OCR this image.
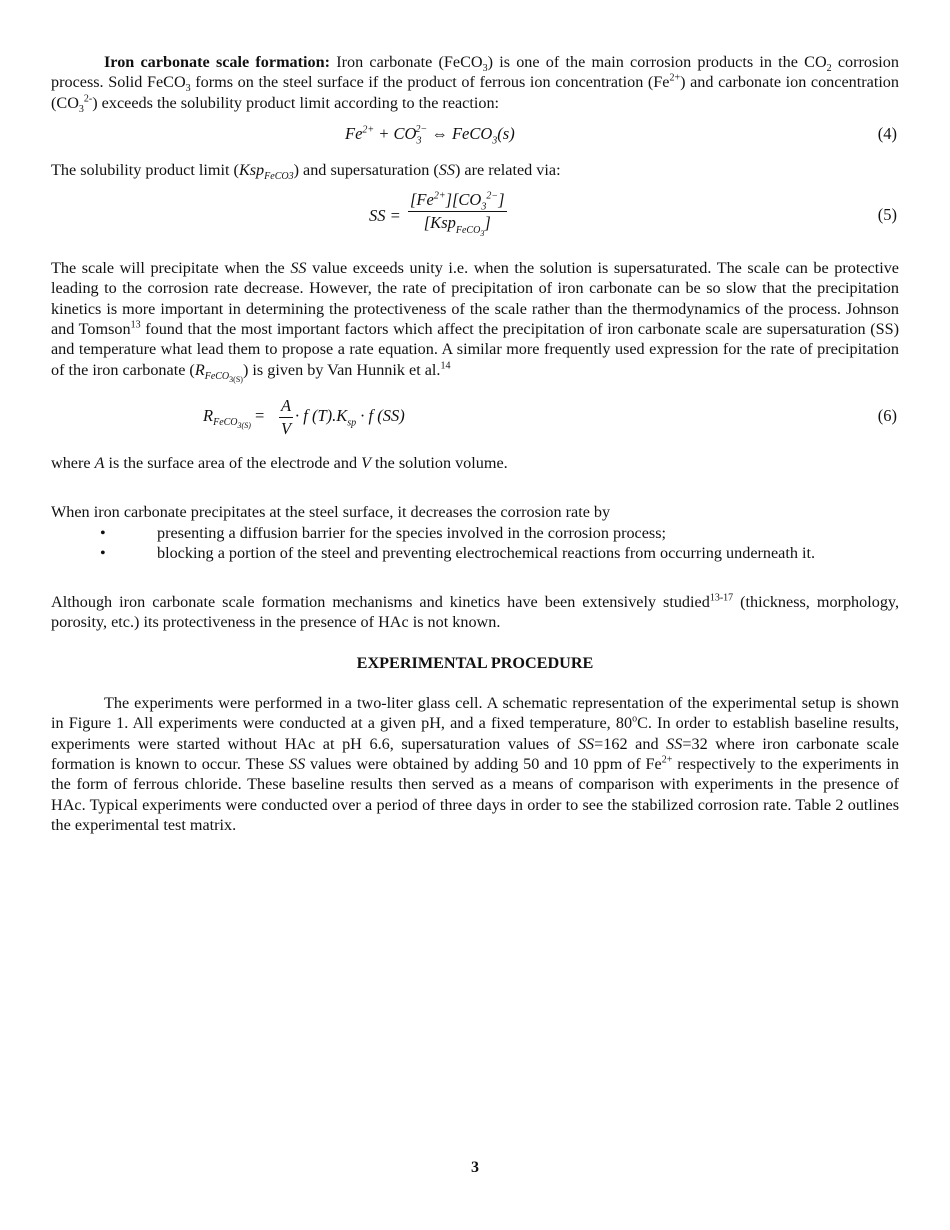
Iron carbonate scale formation: Iron carbonate (FeCO$_3$) is one of the main corrosion products in the $CO_2$ corrosion process. Solid FeCO$_3$ forms on the steel surface if the product of ferrous ion concentration $(Fe^{2+})$ and carbonate ion concentration $(CO_3^{2-})$ exceeds the solubility product limit according to the reaction:

$Fe^{2+} + CO_3^{2-}$ ⇔ FeCO$_3$(s)	(4)

The solubility product limit (Ksp$_{FeCO3}$) and supersaturation (SS) are related via:

SS =
$[Fe^{2+}][CO_3^{2-}]$
[Ksp$_{FeCO_3}$]	(5)

The scale will precipitate when the SS value exceeds unity i.e. when the solution is supersaturated. The scale can be protective leading to the corrosion rate decrease. However, the rate of precipitation of iron carbonate can be so slow that the precipitation kinetics is more important in determining the protectiveness of the scale rather than the thermodynamics of the process. Johnson and Tomson$^{13}$ found that the most important factors which affect the precipitation of iron carbonate scale are supersaturation (SS) and temperature what lead them to propose a rate equation. A similar more frequently used expression for the rate of precipitation of the iron carbonate $(R_{FeCO_{3(S)}})$ is given by Van Hunnik et al.$^{14}$

$R_{FeCO_{3(S)}} = \frac{A}{V} \cdot f$ $(T).K_{sp} \cdot f$ (SS)	(6)

where A is the surface area of the electrode and V the solution volume.

When iron carbonate precipitates at the steel surface, it decreases the corrosion rate by

•	presenting a diffusion barrier for the species involved in the corrosion process;
•	blocking a portion of the steel and preventing electrochemical reactions from occurring underneath it.

Although iron carbonate scale formation mechanisms and kinetics have been extensively studied$^{13-17}$ (thickness, morphology, porosity, etc.) its protectiveness in the presence of HAc is not known.

EXPERIMENTAL PROCEDURE

The experiments were performed in a two-liter glass cell. A schematic representation of the experimental setup is shown in Figure 1. All experiments were conducted at a given pH, and a fixed temperature, 80$^o$C. In order to establish baseline results, experiments were started without HAc at pH 6.6, supersaturation values of SS=162 and SS=32 where iron carbonate scale formation is known to occur. These SS values were obtained by adding 50 and 10 ppm of $Fe^{2+}$ respectively to the experiments in the form of ferrous chloride. These baseline results then served as a means of comparison with experiments in the presence of HAc. Typical experiments were conducted over a period of three days in order to see the stabilized corrosion rate. Table 2 outlines the experimental test matrix.

3
